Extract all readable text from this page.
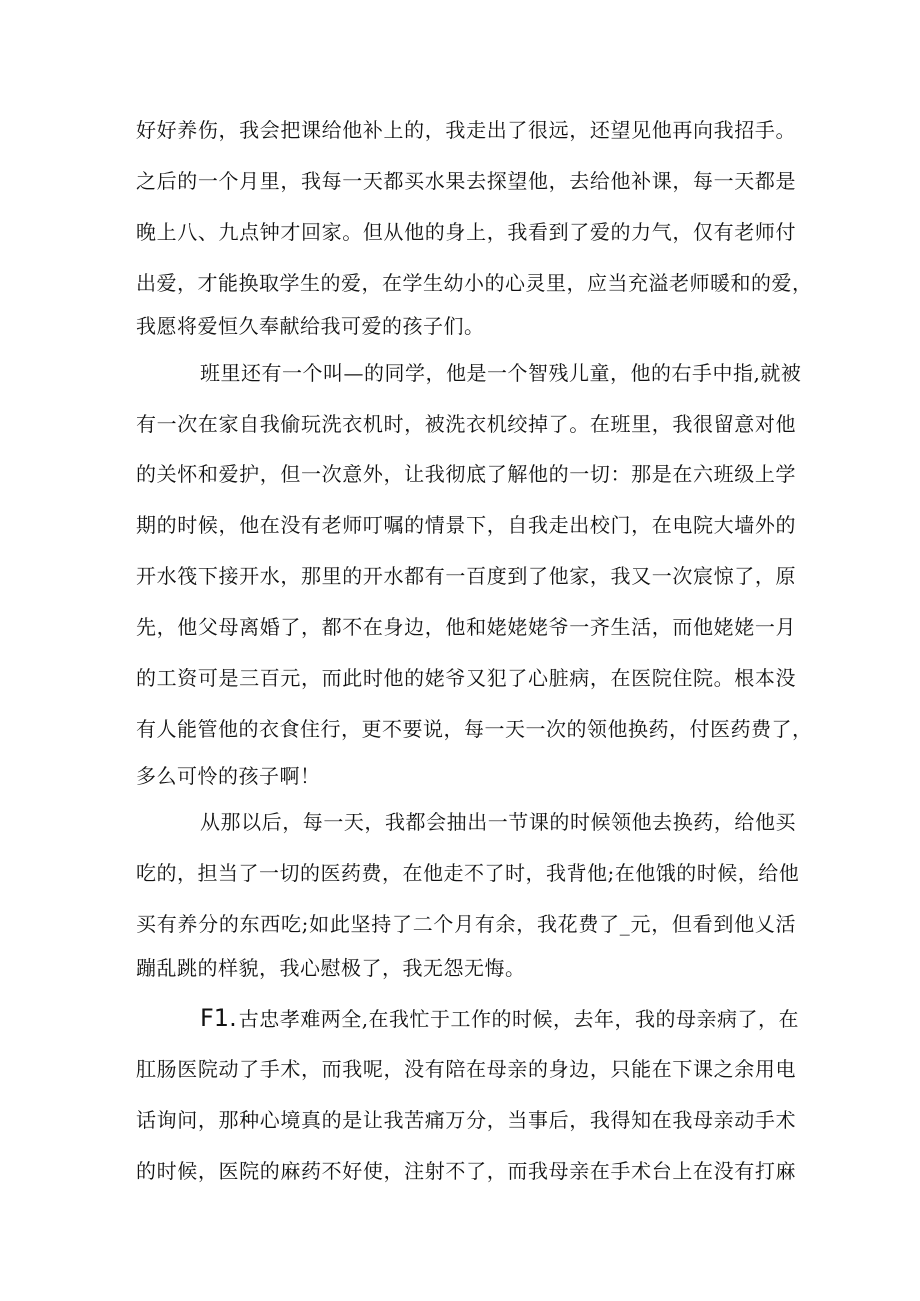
好好养伤，我会把课给他补上的，我走出了很远，还望见他再向我招手。
之后的一个月里，我每一天都买水果去探望他，去给他补课，每一天都是
晚上八、九点钟才回家。但从他的身上，我看到了爱的力气，仅有老师付
出爱，才能换取学生的爱，在学生幼小的心灵里，应当充溢老师暖和的爱，
我愿将爱恒久奉献给我可爱的孩子们。
班里还有一个叫—的同学，他是一个智残儿童，他的右手中指,就被
有一次在家自我偷玩洗衣机时，被洗衣机绞掉了。在班里，我很留意对他
的关怀和爱护，但一次意外，让我彻底了解他的一切：那是在六班级上学
期的时候，他在没有老师叮嘱的情景下，自我走出校门，在电院大墙外的
开水筏下接开水，那里的开水都有一百度到了他家，我又一次宸惊了，原
先，他父母离婚了，都不在身边，他和姥姥姥爷一齐生活，而他姥姥一月
的工资可是三百元，而此时他的姥爷又犯了心脏病，在医院住院。根本没
有人能管他的衣食住行，更不要说，每一天一次的领他换药，付医药费了，
多么可怜的孩子啊！
从那以后，每一天，我都会抽出一节课的时候领他去换药，给他买
吃的，担当了一切的医药费，在他走不了时，我背他;在他饿的时候，给他
买有养分的东西吃;如此坚持了二个月有余，我花费了_元，但看到他乂活
蹦乱跳的样貌，我心慰极了，我无怨无悔。
F1. 古忠孝难两全,在我忙于工作的时候，去年，我的母亲病了，在
肛肠医院动了手术，而我呢，没有陪在母亲的身边，只能在下课之余用电
话询问，那种心境真的是让我苦痛万分，当事后，我得知在我母亲动手术
的时候，医院的麻药不好使，注射不了，而我母亲在手术台上在没有打麻
